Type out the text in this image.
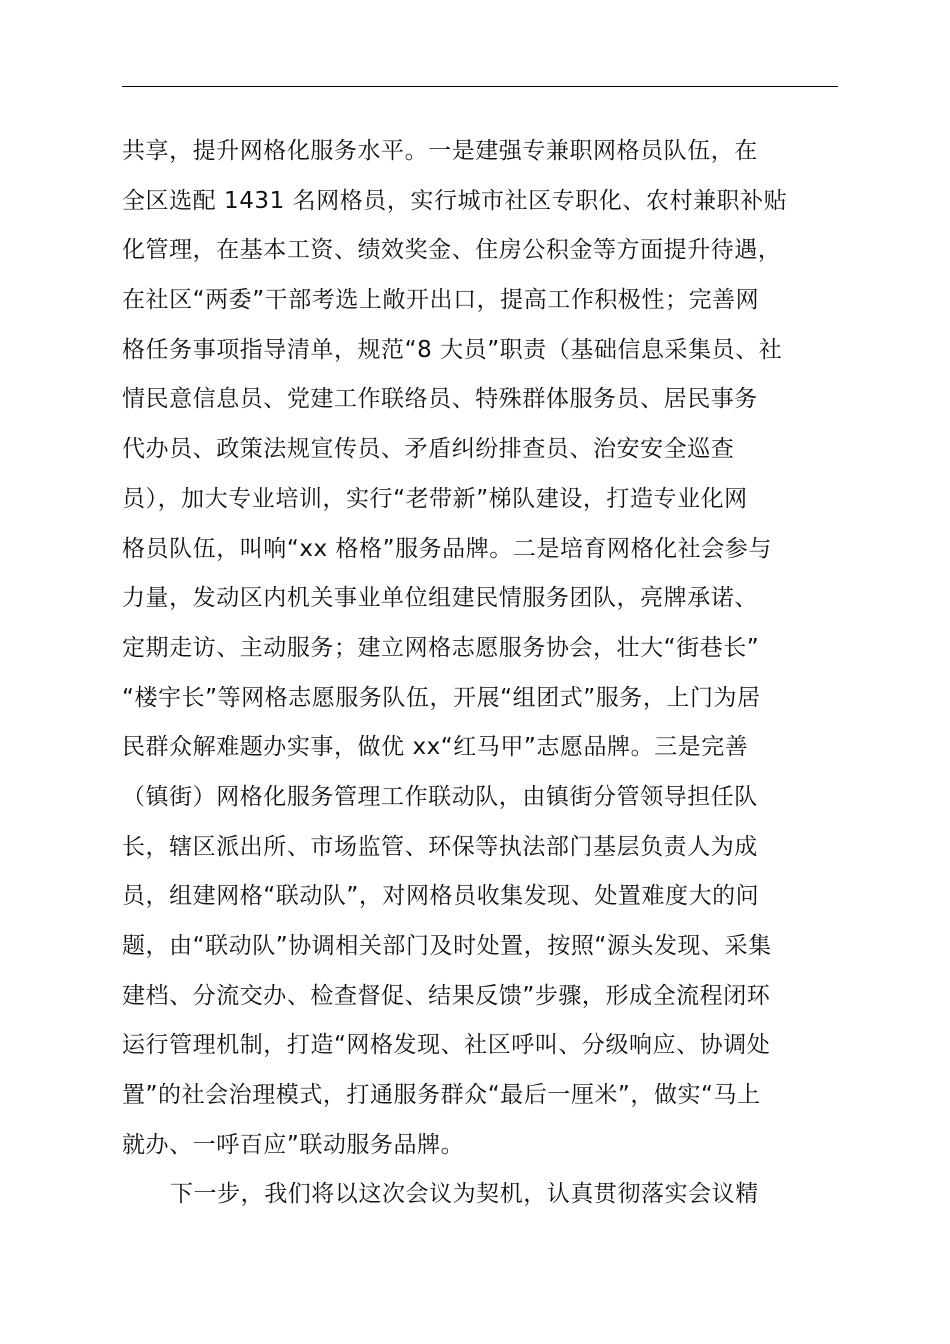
共享，提升网格化服务水平。一是建强专兼职网格员队伍，在
全区选配 1431 名网格员，实行城市社区专职化、农村兼职补贴
化管理，在基本工资、绩效奖金、住房公积金等方面提升待遇，
在社区“两委”干部考选上敞开出口，提高工作积极性；完善网
格任务事项指导清单，规范“8 大员”职责（基础信息采集员、社
情民意信息员、党建工作联络员、特殊群体服务员、居民事务
代办员、政策法规宣传员、矛盾纠纷排查员、治安安全巡查
员），加大专业培训，实行“老带新”梯队建设，打造专业化网
格员队伍，叫响“xx 格格”服务品牌。二是培育网格化社会参与
力量，发动区内机关事业单位组建民情服务团队，亮牌承诺、
定期走访、主动服务；建立网格志愿服务协会，壮大“街巷长”
“楼宇长”等网格志愿服务队伍，开展“组团式”服务，上门为居
民群众解难题办实事，做优 xx“红马甲”志愿品牌。三是完善
（镇街）网格化服务管理工作联动队，由镇街分管领导担任队
长，辖区派出所、市场监管、环保等执法部门基层负责人为成
员，组建网格“联动队”，对网格员收集发现、处置难度大的问
题，由“联动队”协调相关部门及时处置，按照“源头发现、采集
建档、分流交办、检查督促、结果反馈”步骤，形成全流程闭环
运行管理机制，打造“网格发现、社区呼叫、分级响应、协调处
置”的社会治理模式，打通服务群众“最后一厘米”，做实“马上
就办、一呼百应”联动服务品牌。
下一步，我们将以这次会议为契机，认真贯彻落实会议精
